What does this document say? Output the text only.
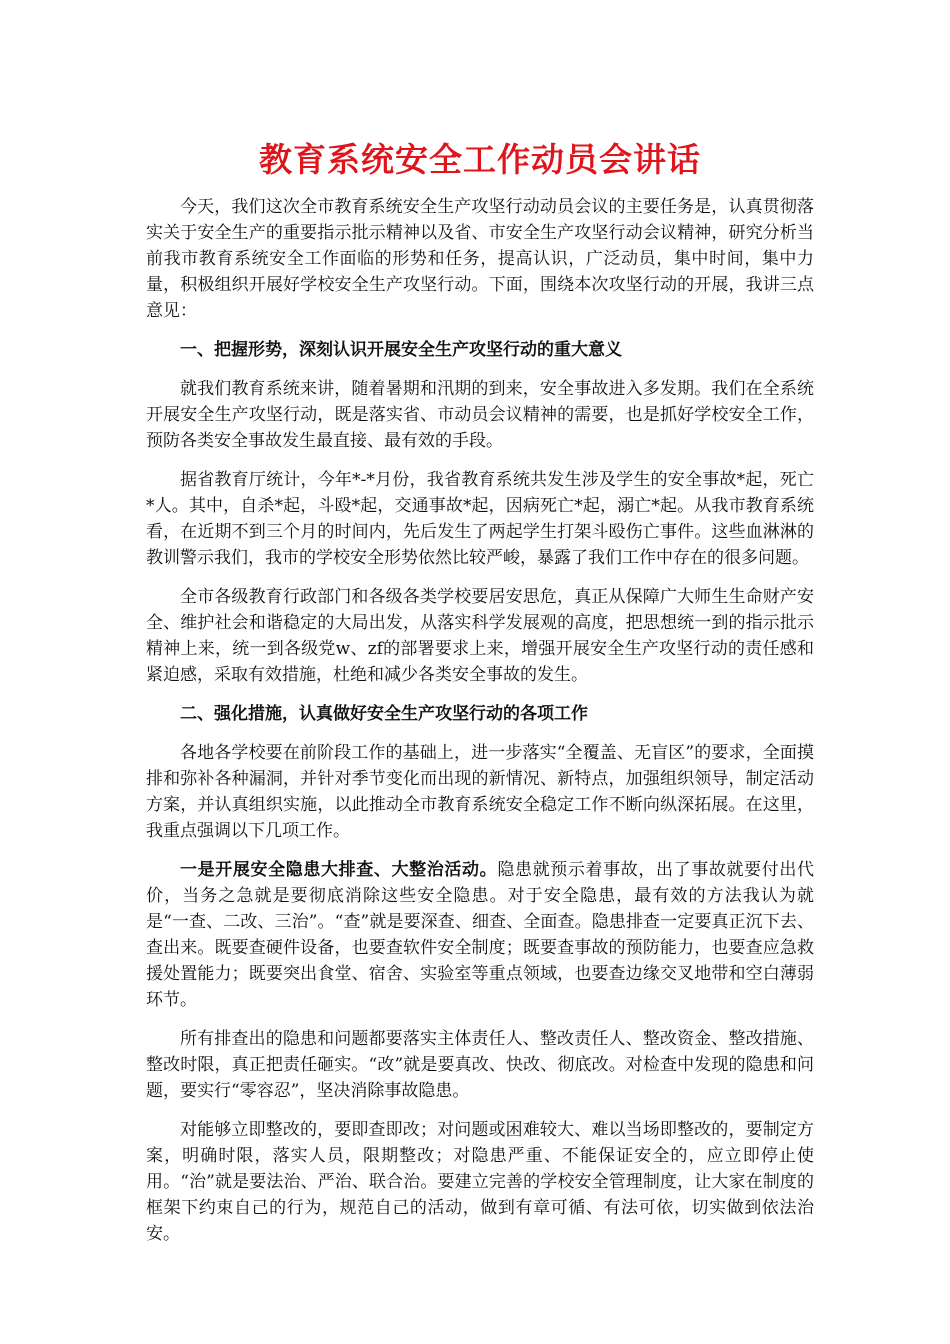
教育系统安全工作动员会讲话

今天，我们这次全市教育系统安全生产攻坚行动动员会议的主要任务是，认真贯彻落实关于安全生产的重要指示批示精神以及省、市安全生产攻坚行动会议精神，研究分析当前我市教育系统安全工作面临的形势和任务，提高认识，广泛动员，集中时间，集中力量，积极组织开展好学校安全生产攻坚行动。下面，围绕本次攻坚行动的开展，我讲三点意见：

一、把握形势，深刻认识开展安全生产攻坚行动的重大意义

就我们教育系统来讲，随着暑期和汛期的到来，安全事故进入多发期。我们在全系统开展安全生产攻坚行动，既是落实省、市动员会议精神的需要，也是抓好学校安全工作，预防各类安全事故发生最直接、最有效的手段。

据省教育厅统计，今年*-*月份，我省教育系统共发生涉及学生的安全事故*起，死亡*人。其中，自杀*起，斗殴*起，交通事故*起，因病死亡*起，溺亡*起。从我市教育系统看，在近期不到三个月的时间内，先后发生了两起学生打架斗殴伤亡事件。这些血淋淋的教训警示我们，我市的学校安全形势依然比较严峻，暴露了我们工作中存在的很多问题。

全市各级教育行政部门和各级各类学校要居安思危，真正从保障广大师生生命财产安全、维护社会和谐稳定的大局出发，从落实科学发展观的高度，把思想统一到的指示批示精神上来，统一到各级党w、zf的部署要求上来，增强开展安全生产攻坚行动的责任感和紧迫感，采取有效措施，杜绝和减少各类安全事故的发生。

二、强化措施，认真做好安全生产攻坚行动的各项工作

各地各学校要在前阶段工作的基础上，进一步落实“全覆盖、无盲区”的要求，全面摸排和弥补各种漏洞，并针对季节变化而出现的新情况、新特点，加强组织领导，制定活动方案，并认真组织实施，以此推动全市教育系统安全稳定工作不断向纵深拓展。在这里，我重点强调以下几项工作。

一是开展安全隐患大排查、大整治活动。隐患就预示着事故，出了事故就要付出代价，当务之急就是要彻底消除这些安全隐患。对于安全隐患，最有效的方法我认为就是“一查、二改、三治”。“查”就是要深查、细查、全面查。隐患排查一定要真正沉下去、查出来。既要查硬件设备，也要查软件安全制度；既要查事故的预防能力，也要查应急救援处置能力；既要突出食堂、宿舍、实验室等重点领域，也要查边缘交叉地带和空白薄弱环节。

所有排查出的隐患和问题都要落实主体责任人、整改责任人、整改资金、整改措施、整改时限，真正把责任砸实。“改”就是要真改、快改、彻底改。对检查中发现的隐患和问题，要实行“零容忍”，坚决消除事故隐患。

对能够立即整改的，要即查即改；对问题或困难较大、难以当场即整改的，要制定方案，明确时限，落实人员，限期整改；对隐患严重、不能保证安全的，应立即停止使用。“治”就是要法治、严治、联合治。要建立完善的学校安全管理制度，让大家在制度的框架下约束自己的行为，规范自己的活动，做到有章可循、有法可依，切实做到依法治安。
